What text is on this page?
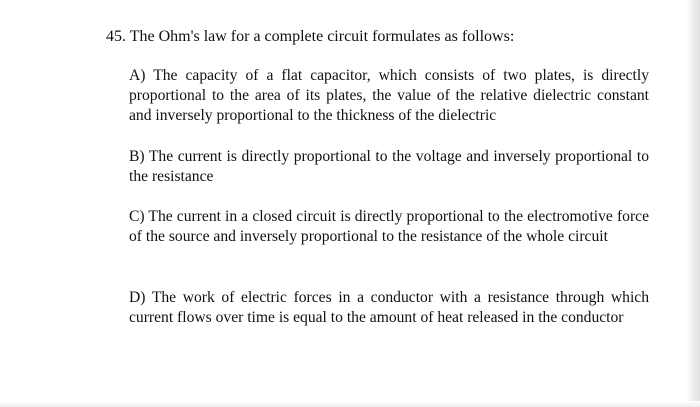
45. The Ohm's law for a complete circuit formulates as follows:
A) The capacity of a flat capacitor, which consists of two plates, is directly proportional to the area of its plates, the value of the relative dielectric constant and inversely proportional to the thickness of the dielectric
B) The current is directly proportional to the voltage and inversely proportional to the resistance
C) The current in a closed circuit is directly proportional to the electromotive force of the source and inversely proportional to the resistance of the whole circuit
D) The work of electric forces in a conductor with a resistance through which current flows over time is equal to the amount of heat released in the conductor
